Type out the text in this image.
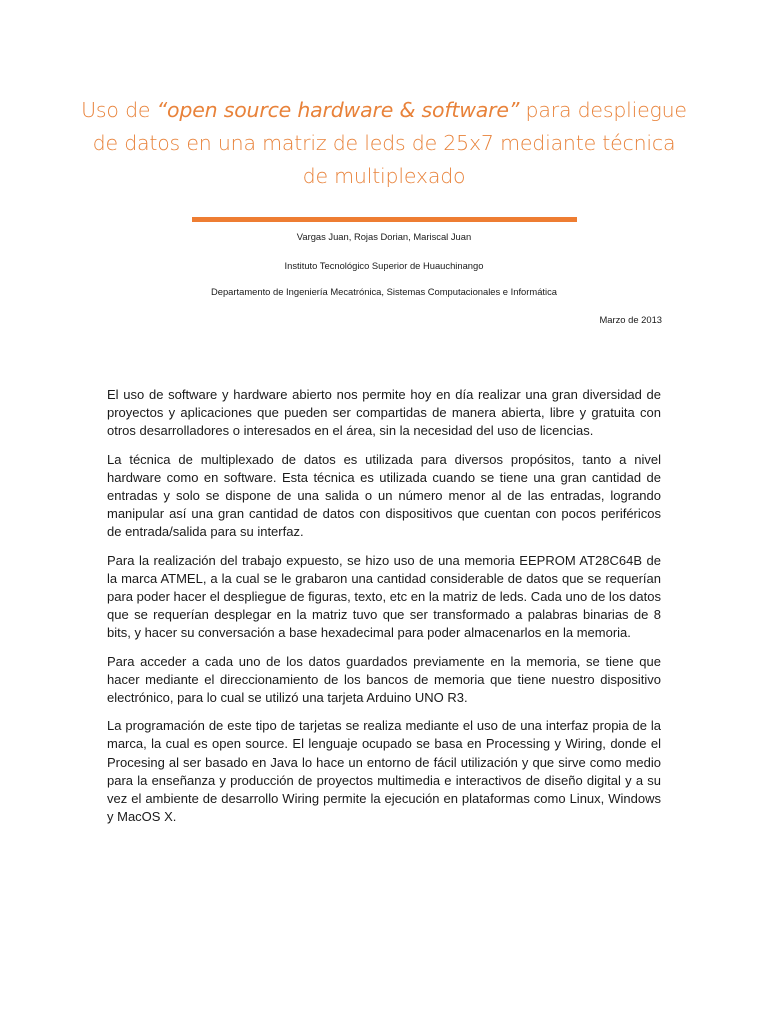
Uso de “open source hardware & software” para despliegue de datos en una matriz de leds de 25x7 mediante técnica de multiplexado
Vargas Juan, Rojas Dorian, Mariscal Juan
Instituto Tecnológico Superior de Huauchinango
Departamento de Ingeniería Mecatrónica, Sistemas Computacionales e Informática
Marzo de 2013

El uso de software y hardware abierto nos permite hoy en día realizar una gran diversidad de proyectos y aplicaciones que pueden ser compartidas de manera abierta, libre y gratuita con otros desarrolladores o interesados en el área, sin la necesidad del uso de licencias.

La técnica de multiplexado de datos es utilizada para diversos propósitos, tanto a nivel hardware como en software. Esta técnica es utilizada cuando se tiene una gran cantidad de entradas y solo se dispone de una salida o un número menor al de las entradas, logrando manipular así una gran cantidad de datos con dispositivos que cuentan con pocos periféricos de entrada/salida para su interfaz.

Para la realización del trabajo expuesto, se hizo uso de una memoria EEPROM AT28C64B de la marca ATMEL, a la cual se le grabaron una cantidad considerable de datos que se requerían para poder hacer el despliegue de figuras, texto, etc en la matriz de leds. Cada uno de los datos que se requerían desplegar en la matriz tuvo que ser transformado a palabras binarias de 8 bits, y hacer su conversación a base hexadecimal para poder almacenarlos en la memoria.

Para acceder a cada uno de los datos guardados previamente en la memoria, se tiene que hacer mediante el direccionamiento de los bancos de memoria que tiene nuestro dispositivo electrónico, para lo cual se utilizó una tarjeta Arduino UNO R3.

La programación de este tipo de tarjetas se realiza mediante el uso de una interfaz propia de la marca, la cual es open source. El lenguaje ocupado se basa en Processing y Wiring, donde el Procesing al ser basado en Java lo hace un entorno de fácil utilización y que sirve como medio para la enseñanza y producción de proyectos multimedia e interactivos de diseño digital y a su vez el ambiente de desarrollo Wiring permite la ejecución en plataformas como Linux, Windows y MacOS X.
